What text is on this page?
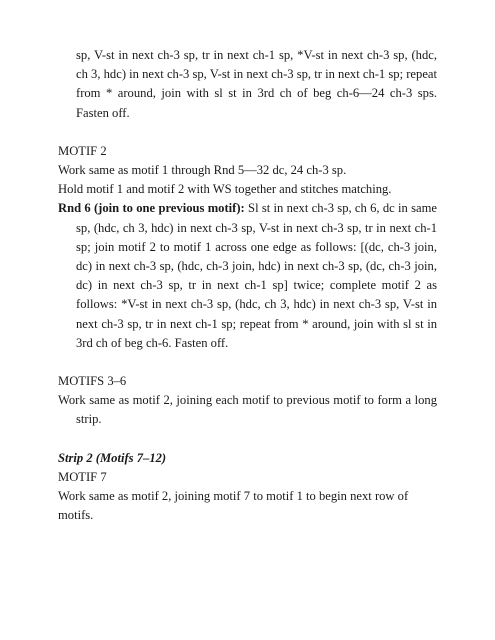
sp, V-st in next ch-3 sp, tr in next ch-1 sp, *V-st in next ch-3 sp, (hdc, ch 3, hdc) in next ch-3 sp, V-st in next ch-3 sp, tr in next ch-1 sp; repeat from * around, join with sl st in 3rd ch of beg ch-6—24 ch-3 sps. Fasten off.

MOTIF 2

Work same as motif 1 through Rnd 5—32 dc, 24 ch-3 sp.

Hold motif 1 and motif 2 with WS together and stitches matching.

Rnd 6 (join to one previous motif): Sl st in next ch-3 sp, ch 6, dc in same sp, (hdc, ch 3, hdc) in next ch-3 sp, V-st in next ch-3 sp, tr in next ch-1 sp; join motif 2 to motif 1 across one edge as follows: [(dc, ch-3 join, dc) in next ch-3 sp, (hdc, ch-3 join, hdc) in next ch-3 sp, (dc, ch-3 join, dc) in next ch-3 sp, tr in next ch-1 sp] twice; complete motif 2 as follows: *V-st in next ch-3 sp, (hdc, ch 3, hdc) in next ch-3 sp, V-st in next ch-3 sp, tr in next ch-1 sp; repeat from * around, join with sl st in 3rd ch of beg ch-6. Fasten off.

MOTIFS 3–6

Work same as motif 2, joining each motif to previous motif to form a long strip.

Strip 2 (Motifs 7–12)

MOTIF 7

Work same as motif 2, joining motif 7 to motif 1 to begin next row of motifs.
